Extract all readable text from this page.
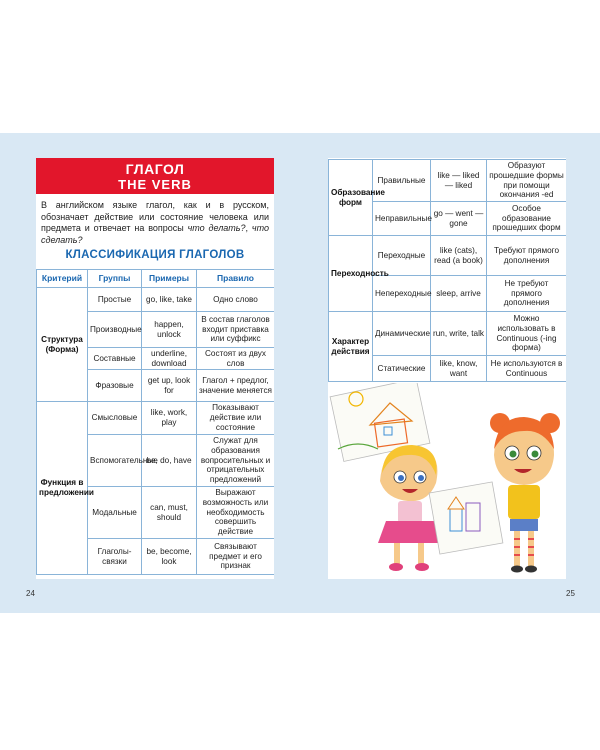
ГЛАГОЛ
THE VERB
В английском языке глагол, как и в русском, обозначает действие или состояние человека или предмета и отвечает на вопросы что делать?, что сделать?
КЛАССИФИКАЦИЯ ГЛАГОЛОВ
Критерий	Группы	Примеры	Правило
Структура (Форма)	Простые	go, like, take	Одно слово
	Производные	happen, unlock	В состав глаголов входит приставка или суффикс
	Составные	underline, download	Состоят из двух слов
	Фразовые	get up, look for	Глагол + предлог, значение меняется
Функция в предложении	Смысловые	like, work, play	Показывают действие или состояние
	Вспомогательные	be, do, have	Служат для образования вопросительных и отрицательных предложений
	Модальные	can, must, should	Выражают возможность или необходимость совершить действие
	Глаголы-связки	be, become, look	Связывают предмет и его признак
24
Образование форм	Правильные	like — liked — liked	Образуют прошедшие формы при помощи окончания -ed
	Неправильные	go — went — gone	Особое образование прошедших форм
Переходность	Переходные	like (cats), read (a book)	Требуют прямого дополнения
	Непереходные	sleep, arrive	Не требуют прямого дополнения
Характер действия	Динамические	run, write, talk	Можно использовать в Continuous (-ing форма)
	Статические	like, know, want	Не используются в Continuous
25
